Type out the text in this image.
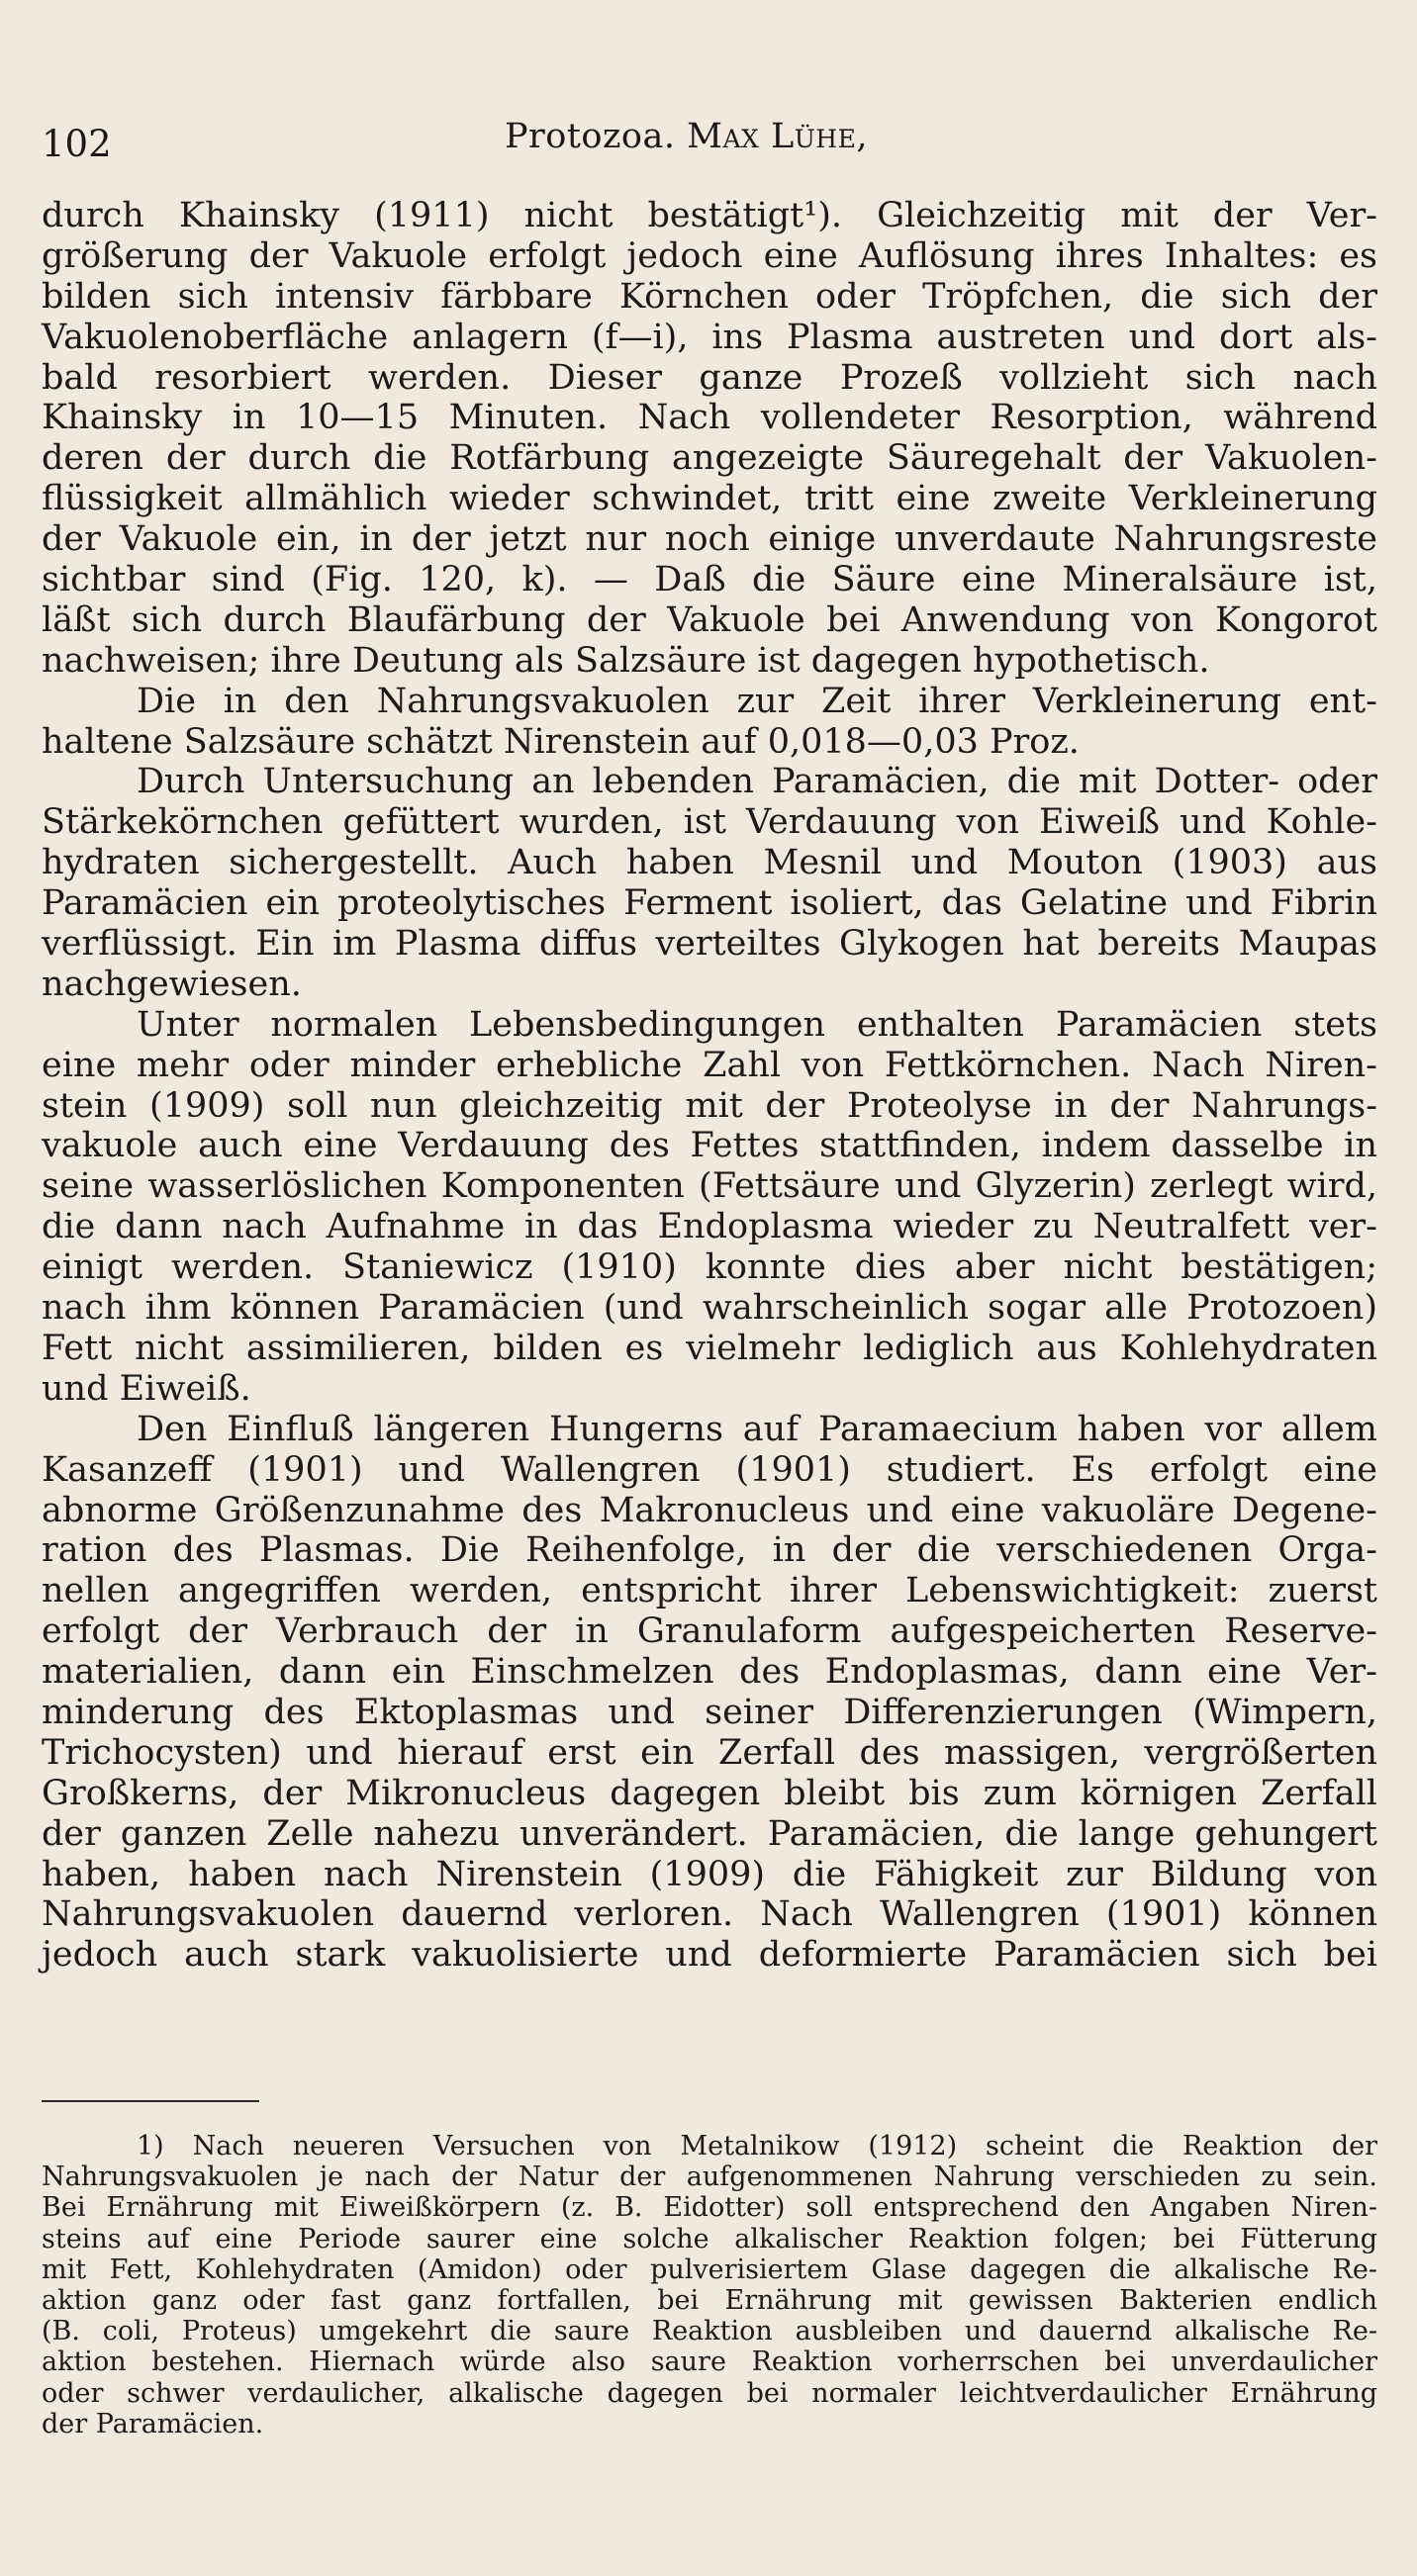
102	Protozoa. Max Lühe,
durch Khainsky (1911) nicht bestätigt¹). Gleichzeitig mit der Ver-
größerung der Vakuole erfolgt jedoch eine Auflösung ihres Inhaltes: es
bilden sich intensiv färbbare Körnchen oder Tröpfchen, die sich der
Vakuolenoberfläche anlagern (f—i), ins Plasma austreten und dort als-
bald resorbiert werden. Dieser ganze Prozeß vollzieht sich nach
Khainsky in 10—15 Minuten. Nach vollendeter Resorption, während
deren der durch die Rotfärbung angezeigte Säuregehalt der Vakuolen-
flüssigkeit allmählich wieder schwindet, tritt eine zweite Verkleinerung
der Vakuole ein, in der jetzt nur noch einige unverdaute Nahrungsreste
sichtbar sind (Fig. 120, k). — Daß die Säure eine Mineralsäure ist,
läßt sich durch Blaufärbung der Vakuole bei Anwendung von Kongorot
nachweisen; ihre Deutung als Salzsäure ist dagegen hypothetisch.
Die in den Nahrungsvakuolen zur Zeit ihrer Verkleinerung ent-
haltene Salzsäure schätzt Nirenstein auf 0,018—0,03 Proz.
Durch Untersuchung an lebenden Paramäcien, die mit Dotter- oder
Stärkekörnchen gefüttert wurden, ist Verdauung von Eiweiß und Kohle-
hydraten sichergestellt. Auch haben Mesnil und Mouton (1903) aus
Paramäcien ein proteolytisches Ferment isoliert, das Gelatine und Fibrin
verflüssigt. Ein im Plasma diffus verteiltes Glykogen hat bereits Maupas
nachgewiesen.
Unter normalen Lebensbedingungen enthalten Paramäcien stets
eine mehr oder minder erhebliche Zahl von Fettkörnchen. Nach Niren-
stein (1909) soll nun gleichzeitig mit der Proteolyse in der Nahrungs-
vakuole auch eine Verdauung des Fettes stattfinden, indem dasselbe in
seine wasserlöslichen Komponenten (Fettsäure und Glyzerin) zerlegt wird,
die dann nach Aufnahme in das Endoplasma wieder zu Neutralfett ver-
einigt werden. Staniewicz (1910) konnte dies aber nicht bestätigen;
nach ihm können Paramäcien (und wahrscheinlich sogar alle Protozoen)
Fett nicht assimilieren, bilden es vielmehr lediglich aus Kohlehydraten
und Eiweiß.
Den Einfluß längeren Hungerns auf Paramaecium haben vor allem
Kasanzeff (1901) und Wallengren (1901) studiert. Es erfolgt eine
abnorme Größenzunahme des Makronucleus und eine vakuoläre Degene-
ration des Plasmas. Die Reihenfolge, in der die verschiedenen Orga-
nellen angegriffen werden, entspricht ihrer Lebenswichtigkeit: zuerst
erfolgt der Verbrauch der in Granulaform aufgespeicherten Reserve-
materialien, dann ein Einschmelzen des Endoplasmas, dann eine Ver-
minderung des Ektoplasmas und seiner Differenzierungen (Wimpern,
Trichocysten) und hierauf erst ein Zerfall des massigen, vergrößerten
Großkerns, der Mikronucleus dagegen bleibt bis zum körnigen Zerfall
der ganzen Zelle nahezu unverändert. Paramäcien, die lange gehungert
haben, haben nach Nirenstein (1909) die Fähigkeit zur Bildung von
Nahrungsvakuolen dauernd verloren. Nach Wallengren (1901) können
jedoch auch stark vakuolisierte und deformierte Paramäcien sich bei
1) Nach neueren Versuchen von Metalnikow (1912) scheint die Reaktion der
Nahrungsvakuolen je nach der Natur der aufgenommenen Nahrung verschieden zu sein.
Bei Ernährung mit Eiweißkörpern (z. B. Eidotter) soll entsprechend den Angaben Niren-
steins auf eine Periode saurer eine solche alkalischer Reaktion folgen; bei Fütterung
mit Fett, Kohlehydraten (Amidon) oder pulverisiertem Glase dagegen die alkalische Re-
aktion ganz oder fast ganz fortfallen, bei Ernährung mit gewissen Bakterien endlich
(B. coli, Proteus) umgekehrt die saure Reaktion ausbleiben und dauernd alkalische Re-
aktion bestehen. Hiernach würde also saure Reaktion vorherrschen bei unverdaulicher
oder schwer verdaulicher, alkalische dagegen bei normaler leichtverdaulicher Ernährung
der Paramäcien.
